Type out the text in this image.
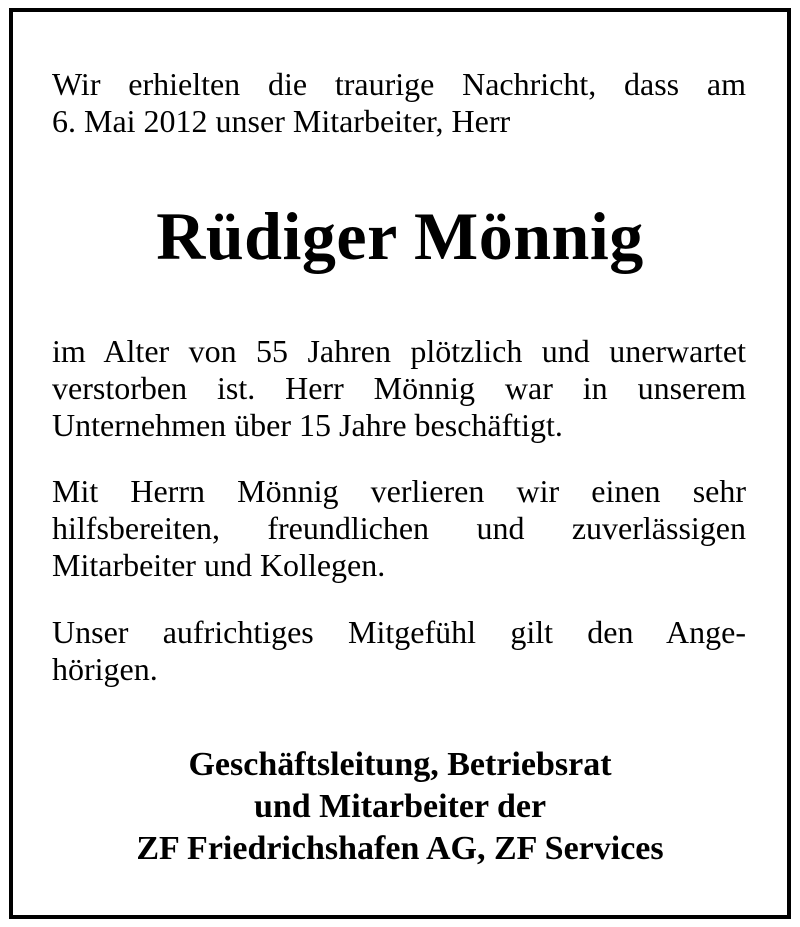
Wir erhielten die traurige Nachricht, dass am
6. Mai 2012 unser Mitarbeiter, Herr
Rüdiger Mönnig
im Alter von 55 Jahren plötzlich und unerwartet
verstorben ist. Herr Mönnig war in unserem
Unternehmen über 15 Jahre beschäftigt.
Mit Herrn Mönnig verlieren wir einen sehr
hilfsbereiten, freundlichen und zuverlässigen
Mitarbeiter und Kollegen.
Unser aufrichtiges Mitgefühl gilt den Ange-
hörigen.
Geschäftsleitung, Betriebsrat
und Mitarbeiter der
ZF Friedrichshafen AG, ZF Services
